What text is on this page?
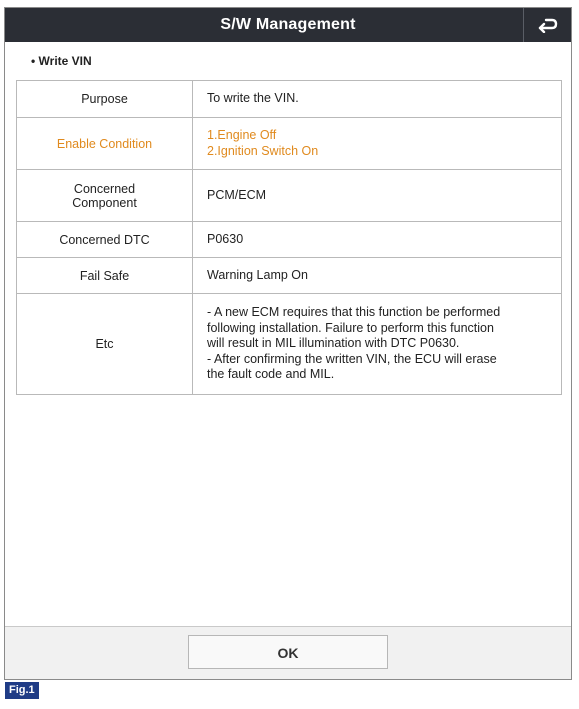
S/W Management
• Write VIN
Purpose	To write the VIN.
Enable Condition	1.Engine Off
2.Ignition Switch On

Concerned
Component	PCM/ECM
Concerned DTC	P0630
Fail Safe	Warning Lamp On
Etc	- A new ECM requires that this function be performed
following installation. Failure to perform this function
will result in MIL illumination with DTC P0630.
- After confirming the written VIN, the ECU will erase
the fault code and MIL.
OK
Fig.1
